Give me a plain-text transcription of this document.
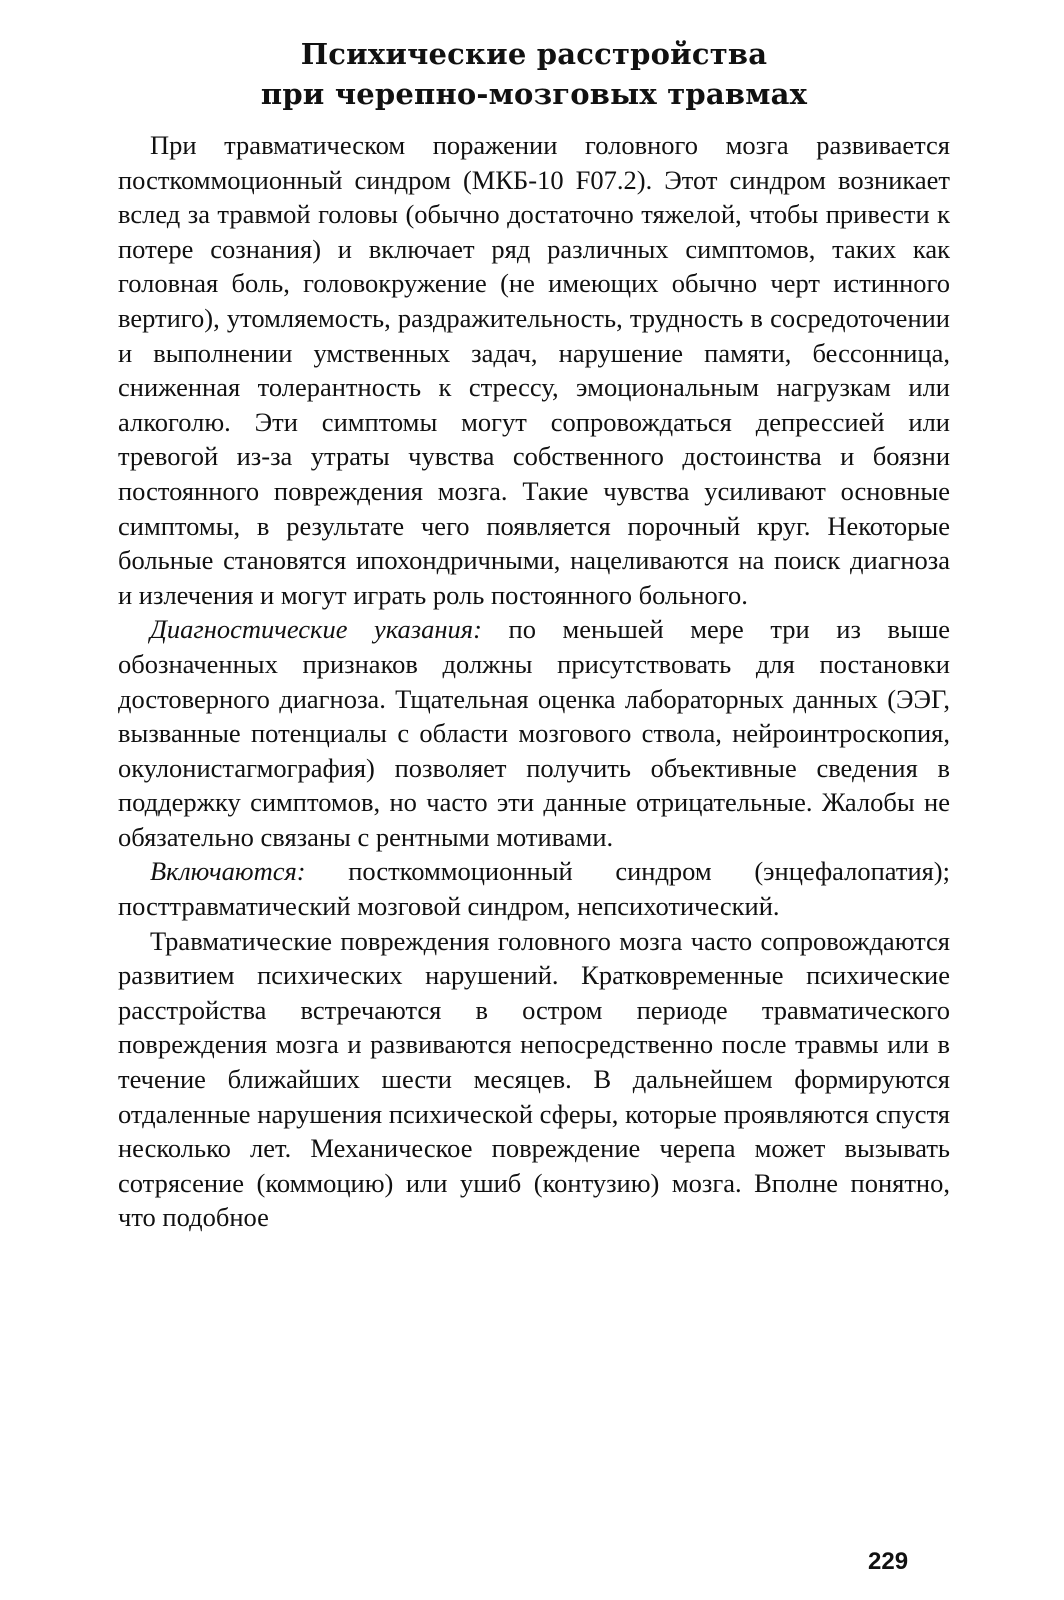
Психические расстройства
при черепно-мозговых травмах

При травматическом поражении головного мозга развивается посткоммоционный синдром (МКБ-10 F07.2). Этот синдром возникает вслед за травмой головы (обычно достаточно тяжелой, чтобы привести к потере сознания) и включает ряд различных симптомов, таких как головная боль, головокружение (не имеющих обычно черт истинного вертиго), утомляемость, раздражительность, трудность в сосредоточении и выполнении умственных задач, нарушение памяти, бессонница, сниженная толерантность к стрессу, эмоциональным нагрузкам или алкоголю. Эти симптомы могут сопровождаться депрессией или тревогой из-за утраты чувства собственного достоинства и боязни постоянного повреждения мозга. Такие чувства усиливают основные симптомы, в результате чего появляется порочный круг. Некоторые больные становятся ипохондричными, нацеливаются на поиск диагноза и излечения и могут играть роль постоянного больного.

Диагностические указания: по меньшей мере три из выше обозначенных признаков должны присутствовать для постановки достоверного диагноза. Тщательная оценка лабораторных данных (ЭЭГ, вызванные потенциалы с области мозгового ствола, нейроинтроскопия, окулонистагмография) позволяет получить объективные сведения в поддержку симптомов, но часто эти данные отрицательные. Жалобы не обязательно связаны с рентными мотивами.

Включаются: посткоммоционный синдром (энцефалопатия); посттравматический мозговой синдром, непсихотический.

Травматические повреждения головного мозга часто сопровождаются развитием психических нарушений. Кратковременные психические расстройства встречаются в остром периоде травматического повреждения мозга и развиваются непосредственно после травмы или в течение ближайших шести месяцев. В дальнейшем формируются отдаленные нарушения психической сферы, которые проявляются спустя несколько лет. Механическое повреждение черепа может вызывать сотрясение (коммоцию) или ушиб (контузию) мозга. Вполне понятно, что подобное

229
